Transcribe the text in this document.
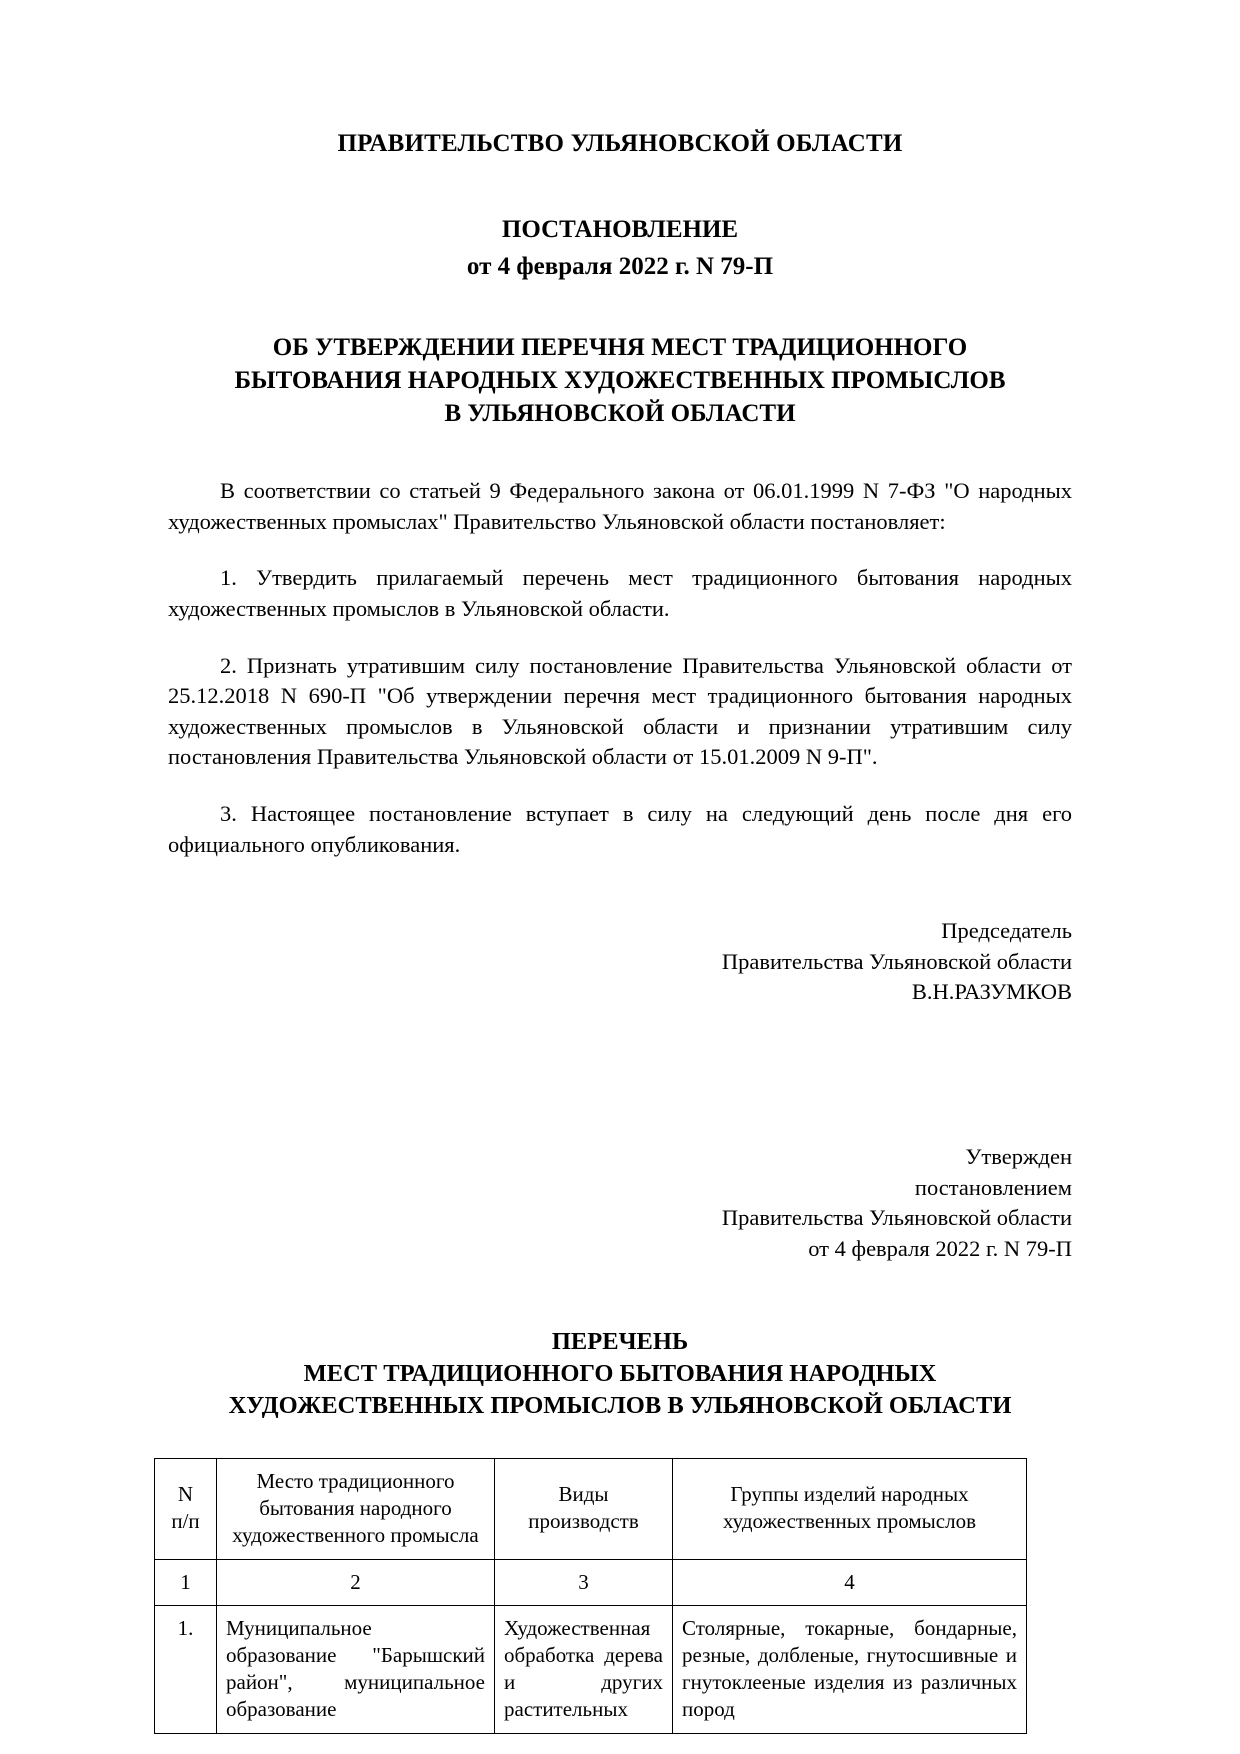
ПРАВИТЕЛЬСТВО УЛЬЯНОВСКОЙ ОБЛАСТИ
ПОСТАНОВЛЕНИЕ
от 4 февраля 2022 г. N 79-П
ОБ УТВЕРЖДЕНИИ ПЕРЕЧНЯ МЕСТ ТРАДИЦИОННОГО
БЫТОВАНИЯ НАРОДНЫХ ХУДОЖЕСТВЕННЫХ ПРОМЫСЛОВ
В УЛЬЯНОВСКОЙ ОБЛАСТИ

В соответствии со статьей 9 Федерального закона от 06.01.1999 N 7-ФЗ "О народных художественных промыслах" Правительство Ульяновской области постановляет:

1. Утвердить прилагаемый перечень мест традиционного бытования народных художественных промыслов в Ульяновской области.

2. Признать утратившим силу постановление Правительства Ульяновской области от 25.12.2018 N 690-П "Об утверждении перечня мест традиционного бытования народных художественных промыслов в Ульяновской области и признании утратившим силу постановления Правительства Ульяновской области от 15.01.2009 N 9-П".

3. Настоящее постановление вступает в силу на следующий день после дня его официального опубликования.

Председатель
Правительства Ульяновской области
В.Н.РАЗУМКОВ
Утвержден
постановлением
Правительства Ульяновской области
от 4 февраля 2022 г. N 79-П
ПЕРЕЧЕНЬ
МЕСТ ТРАДИЦИОННОГО БЫТОВАНИЯ НАРОДНЫХ
ХУДОЖЕСТВЕННЫХ ПРОМЫСЛОВ В УЛЬЯНОВСКОЙ ОБЛАСТИ
N
п/п	Место традиционного бытования народного художественного промысла	Виды производств	Группы изделий народных художественных промыслов
1	2	3	4
1.	Муниципальное образование "Барышский район", муниципальное образование	Художественная обработка дерева и других растительных	Столярные, токарные, бондарные, резные, долбленые, гнутосшивные и гнутоклееные изделия из различных пород
